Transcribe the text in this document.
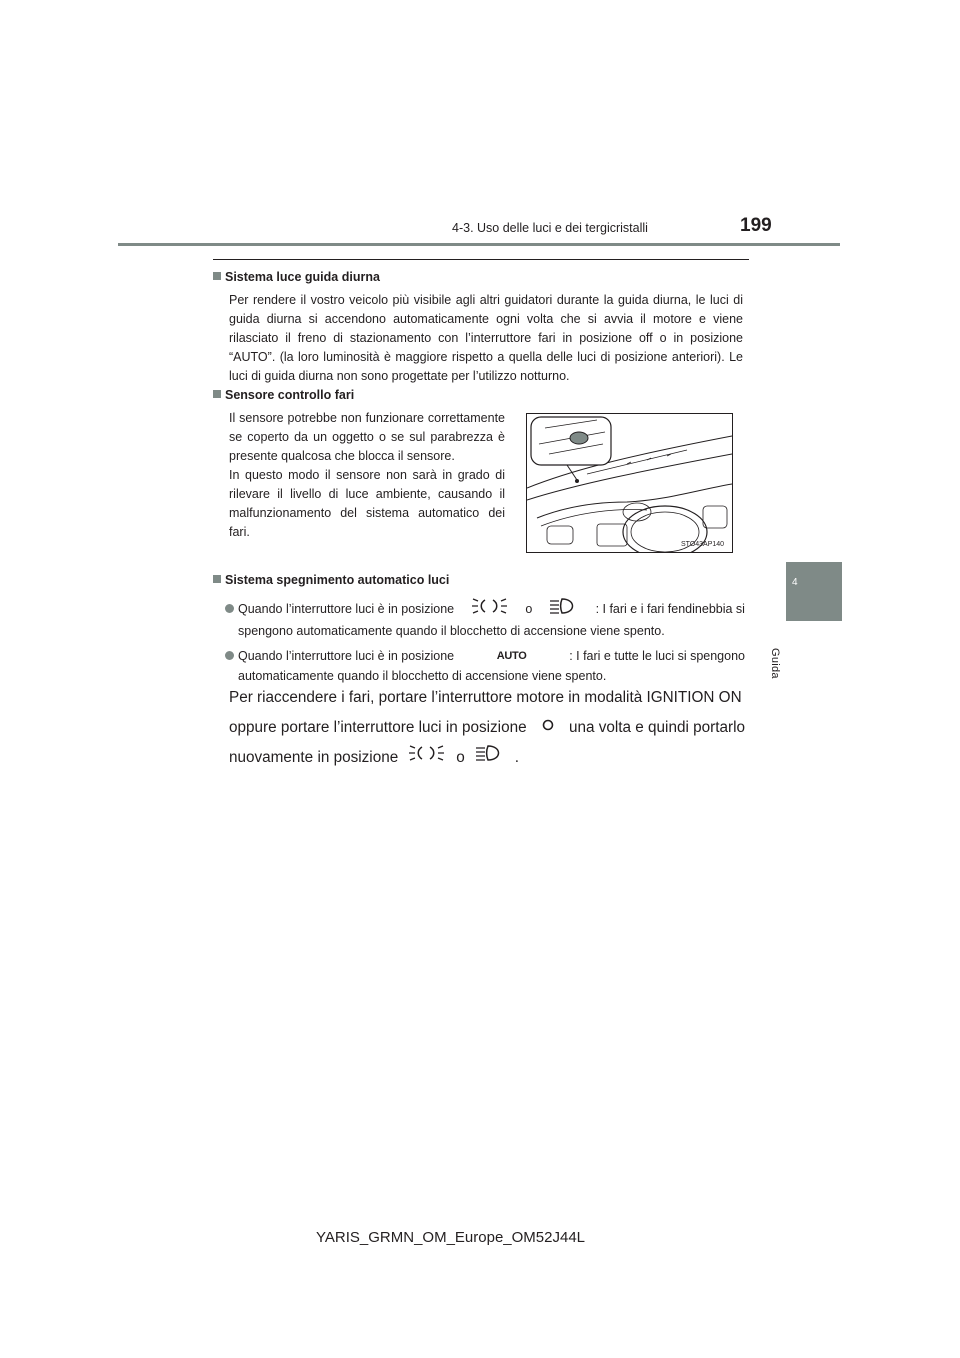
4-3. Uso delle luci e dei tergicristalli	199
4
Guida
Sistema luce guida diurna
Per rendere il vostro veicolo più visibile agli altri guidatori durante la guida diurna, le luci di guida diurna si accendono automaticamente ogni volta che si avvia il motore e viene rilasciato il freno di stazionamento con l’interruttore fari in posizione off o in posizione “AUTO”. (la loro luminosità è maggiore rispetto a quella delle luci di posizione anteriori). Le luci di guida diurna non sono progettate per l’utilizzo notturno.
Sensore controllo fari
Il sensore potrebbe non funzionare correttamente se coperto da un oggetto o se sul parabrezza è presente qualcosa che blocca il sensore.
In questo modo il sensore non sarà in grado di rilevare il livello di luce ambiente, causando il malfunzionamento del sistema automatico dei fari.
STO43AP140
Sistema spegnimento automatico luci
Quando l’interruttore luci è in posizione	o	: I fari e i fari fendinebbia si
spengono automaticamente quando il blocchetto di accensione viene spento.
Quando l’interruttore luci è in posizione	AUTO	: I fari e tutte le luci si spengono
automaticamente quando il blocchetto di accensione viene spento.
Per riaccendere i fari, portare l’interruttore motore in modalità IGNITION ON
oppure portare l’interruttore luci in posizione	una volta e quindi portarlo
nuovamente in posizione	o	.
YARIS_GRMN_OM_Europe_OM52J44L
